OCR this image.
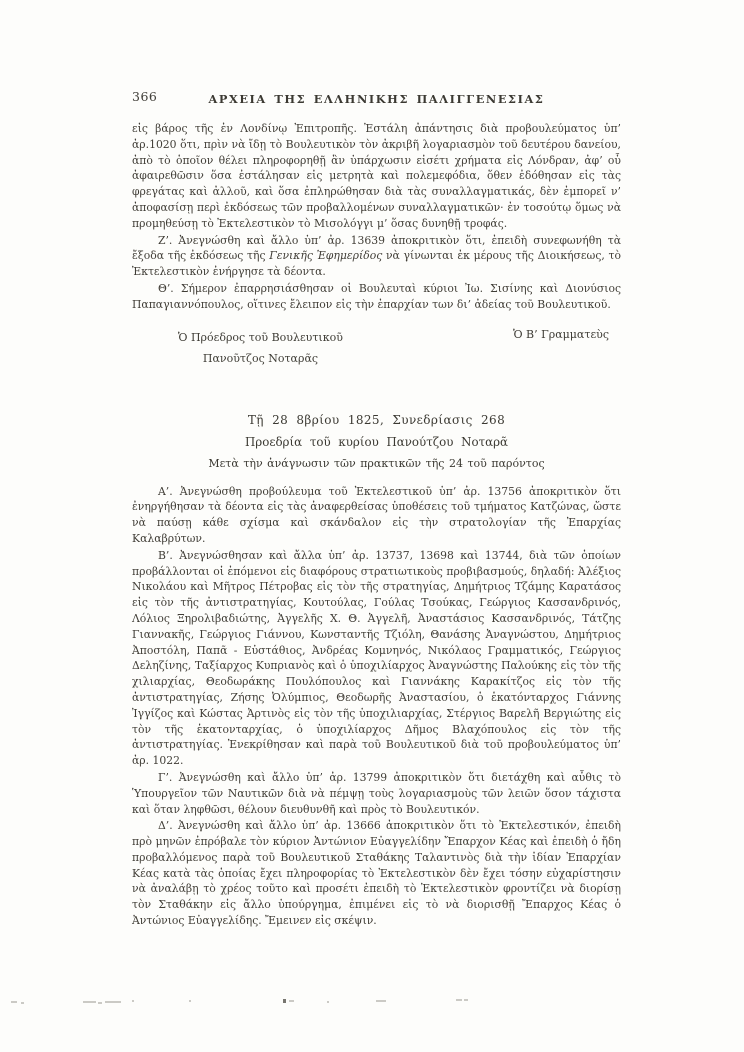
366	ΑΡΧΕΙΑ ΤΗΣ ΕΛΛΗΝΙΚΗΣ ΠΑΛΙΓΓΕΝΕΣΙΑΣ

εἰς βάρος τῆς ἐν Λονδίνῳ Ἐπιτροπῆς. Ἐστάλη ἀπάντησις διὰ προβουλεύματος ὑπ’ ἀρ.1020 ὅτι, πρὶν νὰ ἴδῃ τὸ Βουλευτικὸν τὸν ἀκριβῆ λογαριασμὸν τοῦ δευτέρου δανείου, ἀπὸ τὸ ὁποῖον θέλει πληροφορηθῇ ἂν ὑπάρχωσιν εἰσέτι χρήματα εἰς Λόνδραν, ἀφ’ οὗ ἀφαιρεθῶσιν ὅσα ἐστάλησαν εἰς μετρητὰ καὶ πολεμεφόδια, ὅθεν ἐδόθησαν εἰς τὰς φρεγάτας καὶ ἀλλοῦ, καὶ ὅσα ἐπληρώθησαν διὰ τὰς συναλλαγματικάς, δὲν ἐμπορεῖ ν’ ἀποφασίσῃ περὶ ἐκδόσεως τῶν προβαλλομένων συναλλαγματικῶν· ἐν τοσούτῳ ὅμως νὰ προμηθεύσῃ τὸ Ἐκτελεστικὸν τὸ Μισολόγγι μ’ ὅσας δυνηθῇ τροφάς.

Ζ’. Ἀνεγνώσθη καὶ ἄλλο ὑπ’ ἀρ. 13639 ἀποκριτικὸν ὅτι, ἐπειδὴ συνεφωνήθη τὰ ἔξοδα τῆς ἐκδόσεως τῆς Γενικῆς Ἐφημερίδος νὰ γίνωνται ἐκ μέρους τῆς Διοικήσεως, τὸ Ἐκτελεστικὸν ἐνήργησε τὰ δέοντα.

Θ’. Σήμερον ἐπαρρησιάσθησαν οἱ Βουλευταὶ κύριοι Ἰω. Σισίνης καὶ Διονύσιος Παπαγιαννόπουλος, οἵτινες ἔλειπον εἰς τὴν ἐπαρχίαν των δι’ ἀδείας τοῦ Βουλευτικοῦ.

Ὁ Πρόεδρος τοῦ Βουλευτικοῦ
Πανοῦτζος Νοταρᾶς
Ὁ Β’ Γραμματεὺς
Τῇ 28 8βρίου 1825, Συνεδρίασις 268
Προεδρία τοῦ κυρίου Πανούτζου Νοταρᾶ
Μετὰ τὴν ἀνάγνωσιν τῶν πρακτικῶν τῆς 24 τοῦ παρόντος

Α’. Ἀνεγνώσθη προβούλευμα τοῦ Ἐκτελεστικοῦ ὑπ’ ἀρ. 13756 ἀποκριτικὸν ὅτι ἐνηργήθησαν τὰ δέοντα εἰς τὰς ἀναφερθείσας ὑποθέσεις τοῦ τμήματος Κατζώνας, ὥστε νὰ παύσῃ κάθε σχίσμα καὶ σκάνδαλον εἰς τὴν στρατολογίαν τῆς Ἐπαρχίας Καλαβρύτων.

Β’. Ἀνεγνώσθησαν καὶ ἄλλα ὑπ’ ἀρ. 13737, 13698 καὶ 13744, διὰ τῶν ὁποίων προβάλλονται οἱ ἐπόμενοι εἰς διαφόρους στρατιωτικοὺς προβιβασμούς, δηλαδή: Ἀλέξιος Νικολάου καὶ Μῆτρος Πέτροβας εἰς τὸν τῆς στρατηγίας, Δημήτριος Τζάμης Καρατάσος εἰς τὸν τῆς ἀντιστρατηγίας, Κουτούλας, Γούλας Τσούκας, Γεώργιος Κασσανδρινός, Λόλιος Ξηρολιβαδιώτης, Ἀγγελῆς Χ. Θ. Ἀγγελῆ, Ἀναστάσιος Κασσανδρινός, Τάτζης Γιαννακῆς, Γεώργιος Γιάννου, Κωνσταντῆς Τζιόλη, Θανάσης Ἀναγνώστου, Δημήτριος Ἀποστόλη, Παπᾶ - Εὐστάθιος, Ἀνδρέας Κομνηνός, Νικόλαος Γραμματικός, Γεώργιος Δεληζίνης, Ταξίαρχος Κυπριανὸς καὶ ὁ ὑποχιλίαρχος Ἀναγνώστης Παλούκης εἰς τὸν τῆς χιλιαρχίας, Θεοδωράκης Πουλόπουλος καὶ Γιαννάκης Καρακίτζος εἰς τὸν τῆς ἀντιστρατηγίας, Ζήσης Ὀλύμπιος, Θεοδωρῆς Ἀναστασίου, ὁ ἑκατόνταρχος Γιάννης Ἰγγίζος καὶ Κώστας Ἀρτινὸς εἰς τὸν τῆς ὑποχιλιαρχίας, Στέργιος Βαρελῆ Βεργιώτης εἰς τὸν τῆς ἑκατονταρχίας, ὁ ὑποχιλίαρχος Δῆμος Βλαχόπουλος εἰς τὸν τῆς ἀντιστρατηγίας. Ἐνεκρίθησαν καὶ παρὰ τοῦ Βουλευτικοῦ διὰ τοῦ προβουλεύματος ὑπ’ ἀρ. 1022.

Γ’. Ἀνεγνώσθη καὶ ἄλλο ὑπ’ ἀρ. 13799 ἀποκριτικὸν ὅτι διετάχθη καὶ αὖθις τὸ Ὑπουργεῖον τῶν Ναυτικῶν διὰ νὰ πέμψῃ τοὺς λογαριασμοὺς τῶν λειῶν ὅσον τάχιστα καὶ ὅταν ληφθῶσι, θέλουν διευθυνθῆ καὶ πρὸς τὸ Βουλευτικόν.

Δ’. Ἀνεγνώσθη καὶ ἄλλο ὑπ’ ἀρ. 13666 ἀποκριτικὸν ὅτι τὸ Ἐκτελεστικόν, ἐπειδὴ πρὸ μηνῶν ἐπρόβαλε τὸν κύριον Ἀντώνιον Εὐαγγελίδην Ἔπαρχον Κέας καὶ ἐπειδὴ ὁ ἤδη προβαλλόμενος παρὰ τοῦ Βουλευτικοῦ Σταθάκης Ταλαντινὸς διὰ τὴν ἰδίαν Ἐπαρχίαν Κέας κατὰ τὰς ὁποίας ἔχει πληροφορίας τὸ Ἐκτελεστικὸν δὲν ἔχει τόσην εὐχαρίστησιν νὰ ἀναλάβῃ τὸ χρέος τοῦτο καὶ προσέτι ἐπειδὴ τὸ Ἐκτελεστικὸν φροντίζει νὰ διορίσῃ τὸν Σταθάκην εἰς ἄλλο ὑπούργημα, ἐπιμένει εἰς τὸ νὰ διορισθῇ Ἔπαρχος Κέας ὁ Ἀντώνιος Εὐαγγελίδης. Ἔμεινεν εἰς σκέψιν.
